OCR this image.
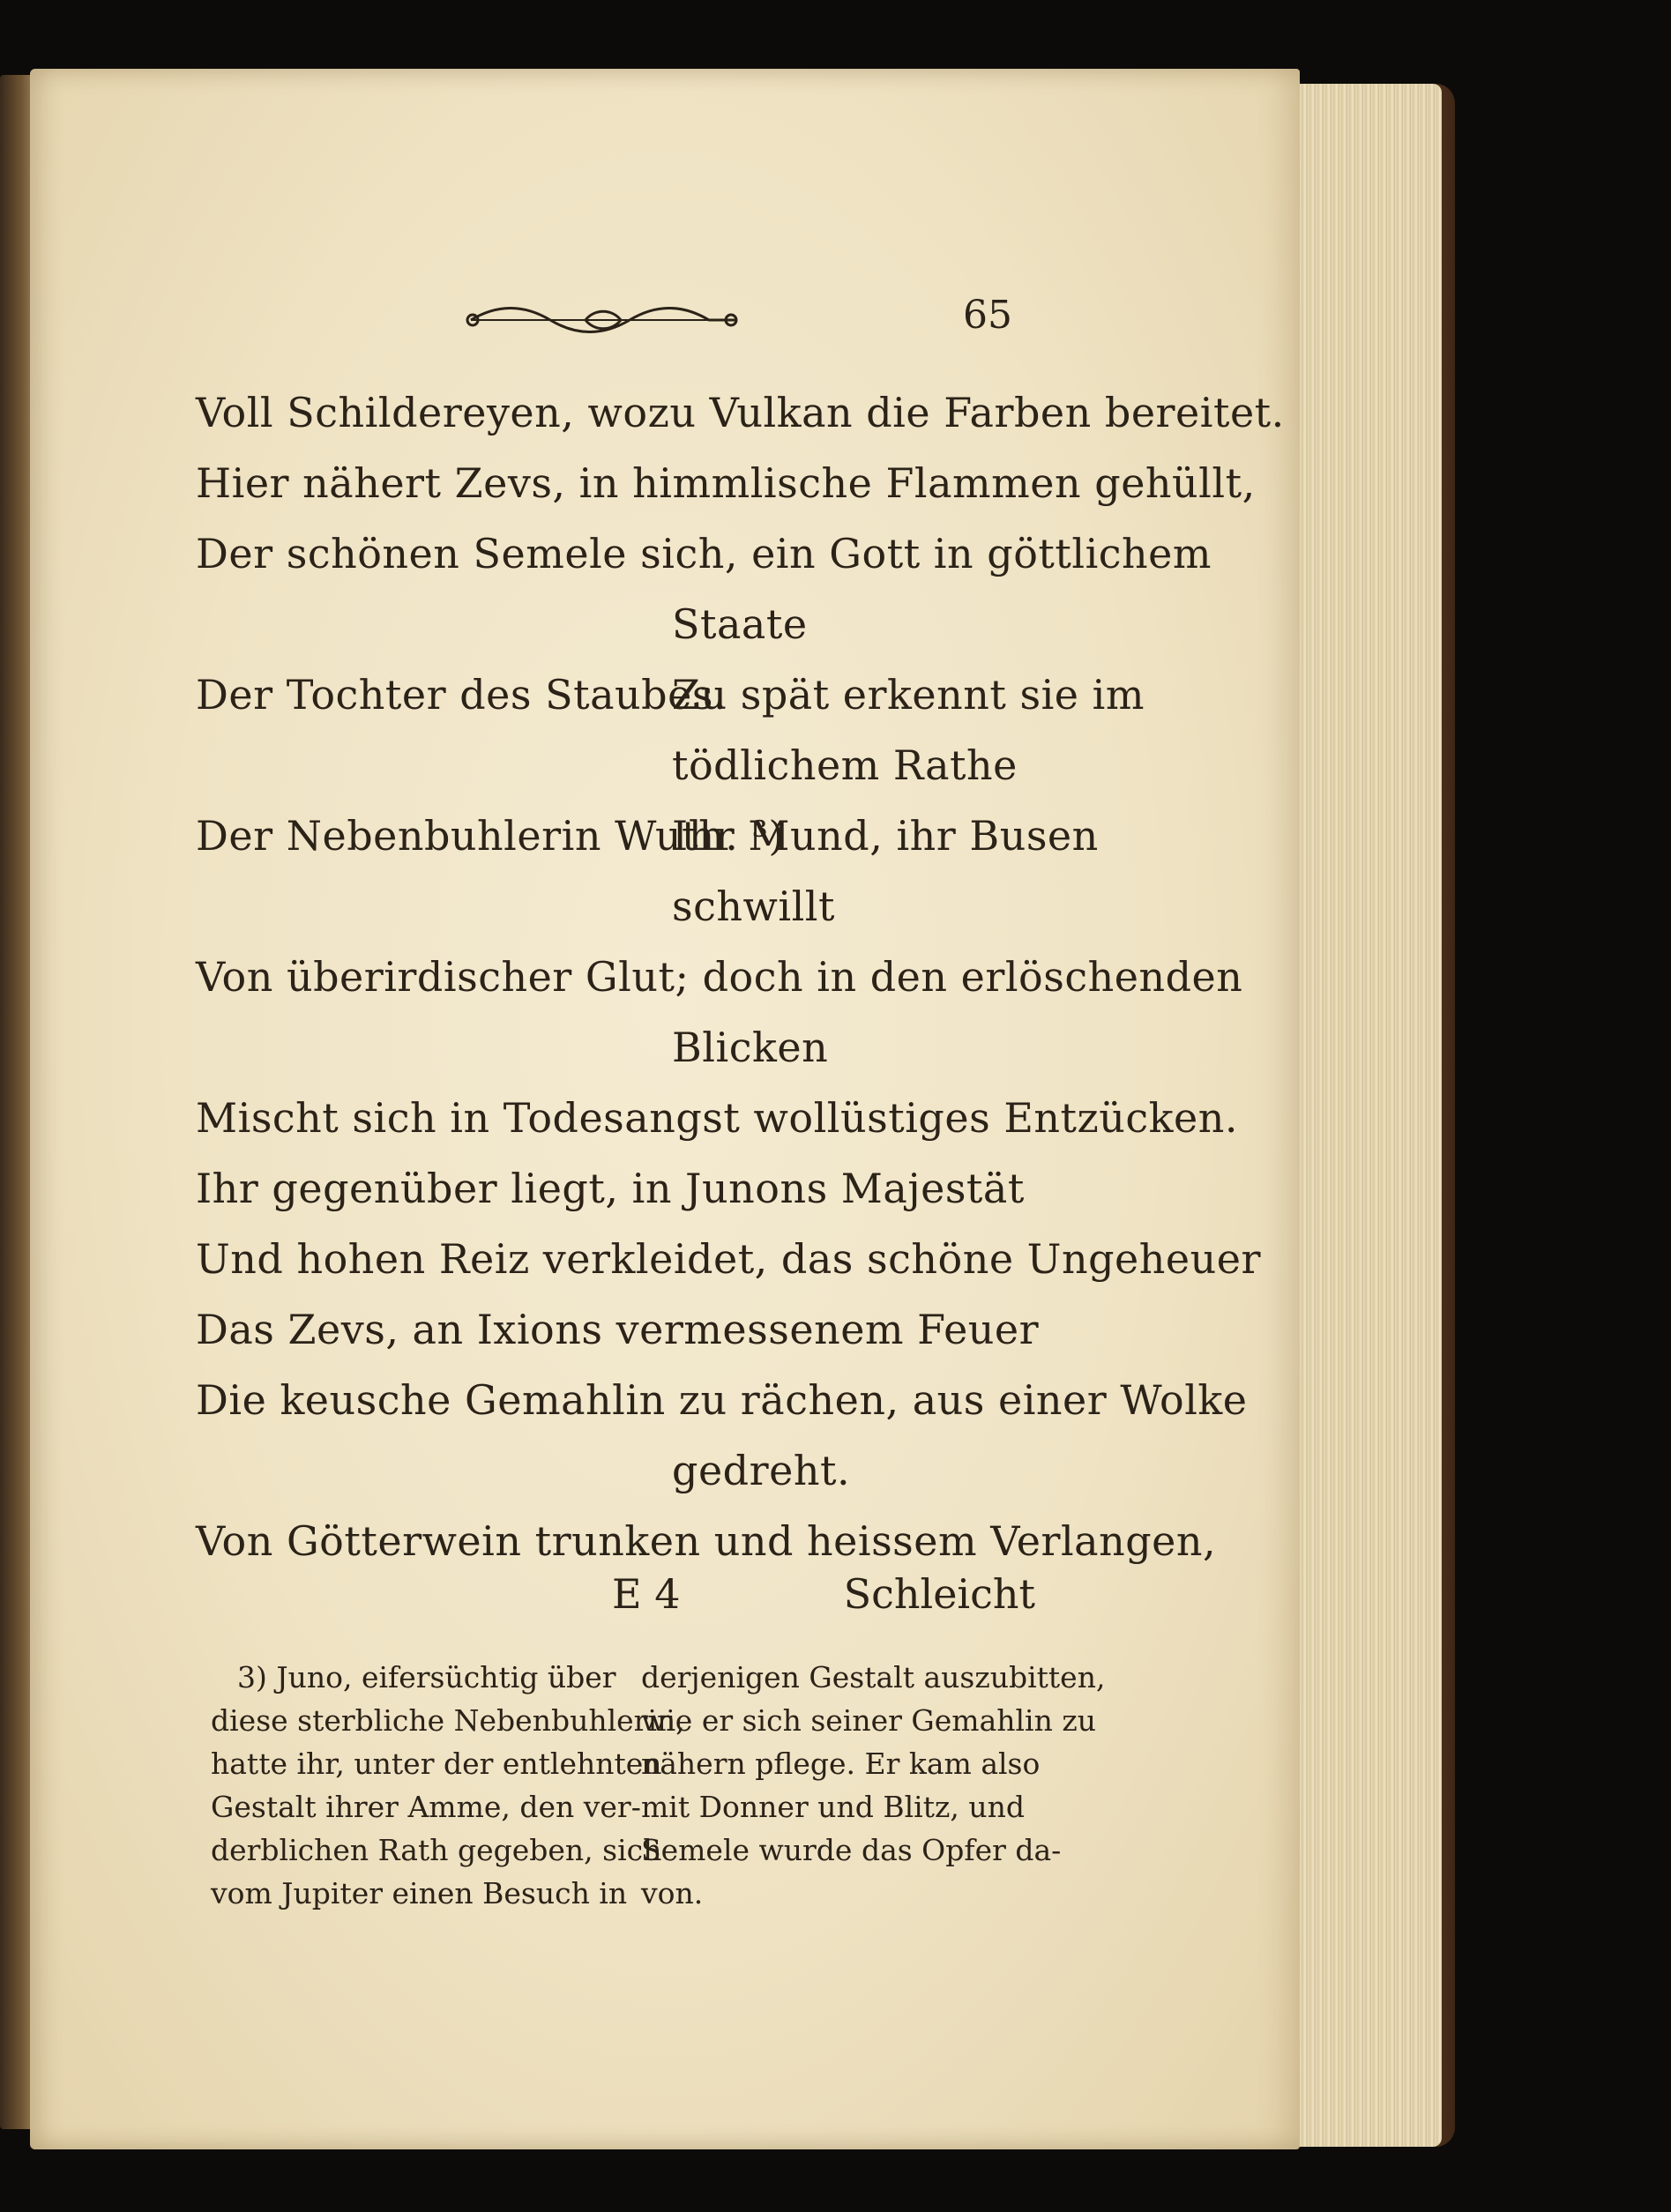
65
Voll Schildereyen, wozu Vulkan die Farben bereitet.
Hier nähert Zevs, in himmlische Flammen gehüllt,
Der schönen Semele sich, ein Gott in göttlichem
Staate
Der Tochter des Staubes.
Zu spät erkennt sie im
tödlichem Rathe
Der Nebenbuhlerin Wuth. ³)
Ihr Mund, ihr Busen
schwillt
Von überirdischer Glut; doch in den erlöschenden
Blicken
Mischt sich in Todesangst wollüstiges Entzücken.
Ihr gegenüber liegt, in Junons Majestät
Und hohen Reiz verkleidet, das schöne Ungeheuer
Das Zevs, an Ixions vermessenem Feuer
Die keusche Gemahlin zu rächen, aus einer Wolke
gedreht.
Von Götterwein trunken und heissem Verlangen,
E 4	Schleicht
3) Juno, eifersüchtig über
diese sterbliche Nebenbuhlerin,
hatte ihr, unter der entlehnten
Gestalt ihrer Amme, den ver-
derblichen Rath gegeben, sich
vom Jupiter einen Besuch in
derjenigen Gestalt auszubitten,
wie er sich seiner Gemahlin zu
nähern pflege. Er kam also
mit Donner und Blitz, und
Semele wurde das Opfer da-
von.
